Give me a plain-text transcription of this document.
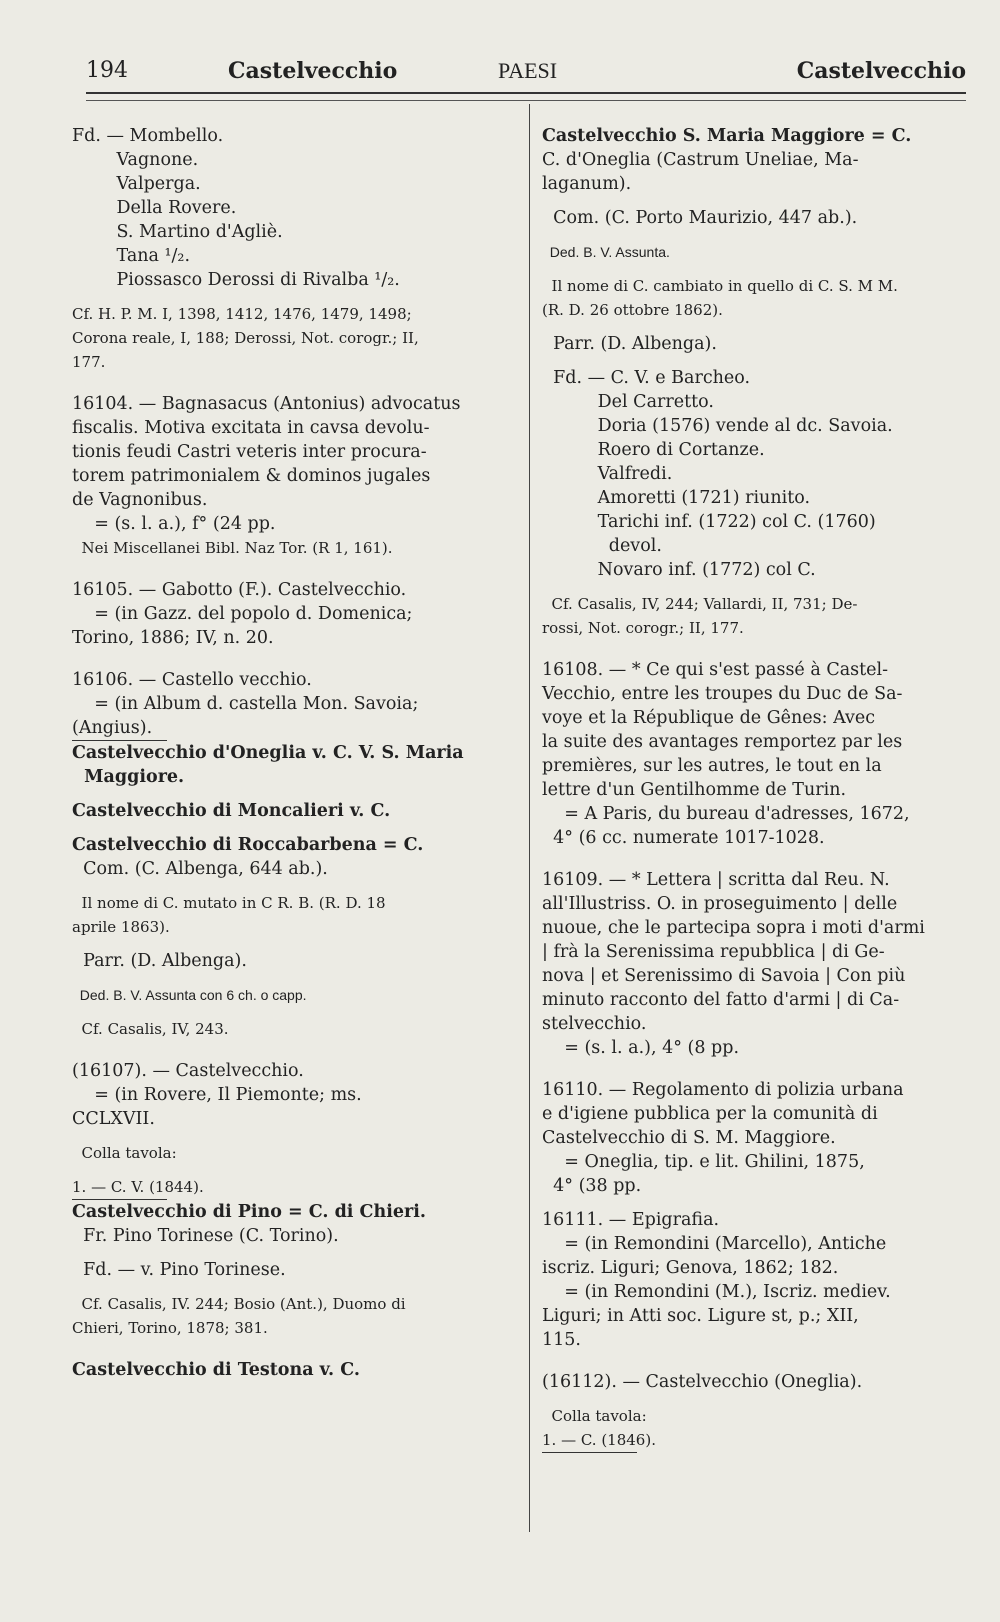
194	Castelvecchio	PAESI	Castelvecchio
Fd. — Mombello.
Vagnone.
Valperga.
Della Rovere.
S. Martino d'Agliè.
Tana ¹/₂.
Piossasco Derossi di Rivalba ¹/₂.
Cf. H. P. M. I, 1398, 1412, 1476, 1479, 1498;
Corona reale, I, 188; Derossi, Not. corogr.; II,
177.
16104. — Bagnasacus (Antonius) advocatus
fiscalis. Motiva excitata in cavsa devolu-
tionis feudi Castri veteris inter procura-
torem patrimonialem & dominos jugales
de Vagnonibus.
= (s. l. a.), f° (24 pp.
Nei Miscellanei Bibl. Naz Tor. (R 1, 161).
16105. — Gabotto (F.). Castelvecchio.
= (in Gazz. del popolo d. Domenica;
Torino, 1886; IV, n. 20.
16106. — Castello vecchio.
= (in Album d. castella Mon. Savoia;
(Angius).
Castelvecchio d'Oneglia v. C. V. S. Maria
Maggiore.
Castelvecchio di Moncalieri v. C.
Castelvecchio di Roccabarbena = C.
Com. (C. Albenga, 644 ab.).
Il nome di C. mutato in C R. B. (R. D. 18
aprile 1863).
Parr. (D. Albenga).
Ded. B. V. Assunta con 6 ch. o capp.
Cf. Casalis, IV, 243.
(16107). — Castelvecchio.
= (in Rovere, Il Piemonte; ms.
CCLXVII.
Colla tavola:
1. — C. V. (1844).
Castelvecchio di Pino = C. di Chieri.
Fr. Pino Torinese (C. Torino).
Fd. — v. Pino Torinese.
Cf. Casalis, IV. 244; Bosio (Ant.), Duomo di
Chieri, Torino, 1878; 381.
Castelvecchio di Testona v. C.
Castelvecchio S. Maria Maggiore = C.
C. d'Oneglia (Castrum Uneliae, Ma-
laganum).
Com. (C. Porto Maurizio, 447 ab.).
Ded. B. V. Assunta.
Il nome di C. cambiato in quello di C. S. M M.
(R. D. 26 ottobre 1862).
Parr. (D. Albenga).
Fd. — C. V. e Barcheo.
Del Carretto.
Doria (1576) vende al dc. Savoia.
Roero di Cortanze.
Valfredi.
Amoretti (1721) riunito.
Tarichi inf. (1722) col C. (1760)
devol.
Novaro inf. (1772) col C.
Cf. Casalis, IV, 244; Vallardi, II, 731; De-
rossi, Not. corogr.; II, 177.
16108. — * Ce qui s'est passé à Castel-
Vecchio, entre les troupes du Duc de Sa-
voye et la République de Gênes: Avec
la suite des avantages remportez par les
premières, sur les autres, le tout en la
lettre d'un Gentilhomme de Turin.
= A Paris, du bureau d'adresses, 1672,
4° (6 cc. numerate 1017-1028.
16109. — * Lettera | scritta dal Reu. N.
all'Illustriss. O. in proseguimento | delle
nuoue, che le partecipa sopra i moti d'armi
| frà la Serenissima repubblica | di Ge-
nova | et Serenissimo di Savoia | Con più
minuto racconto del fatto d'armi | di Ca-
stelvecchio.
= (s. l. a.), 4° (8 pp.
16110. — Regolamento di polizia urbana
e d'igiene pubblica per la comunità di
Castelvecchio di S. M. Maggiore.
= Oneglia, tip. e lit. Ghilini, 1875,
4° (38 pp.
16111. — Epigrafia.
= (in Remondini (Marcello), Antiche
iscriz. Liguri; Genova, 1862; 182.
= (in Remondini (M.), Iscriz. mediev.
Liguri; in Atti soc. Ligure st, p.; XII,
115.
(16112). — Castelvecchio (Oneglia).
Colla tavola:
1. — C. (1846).
